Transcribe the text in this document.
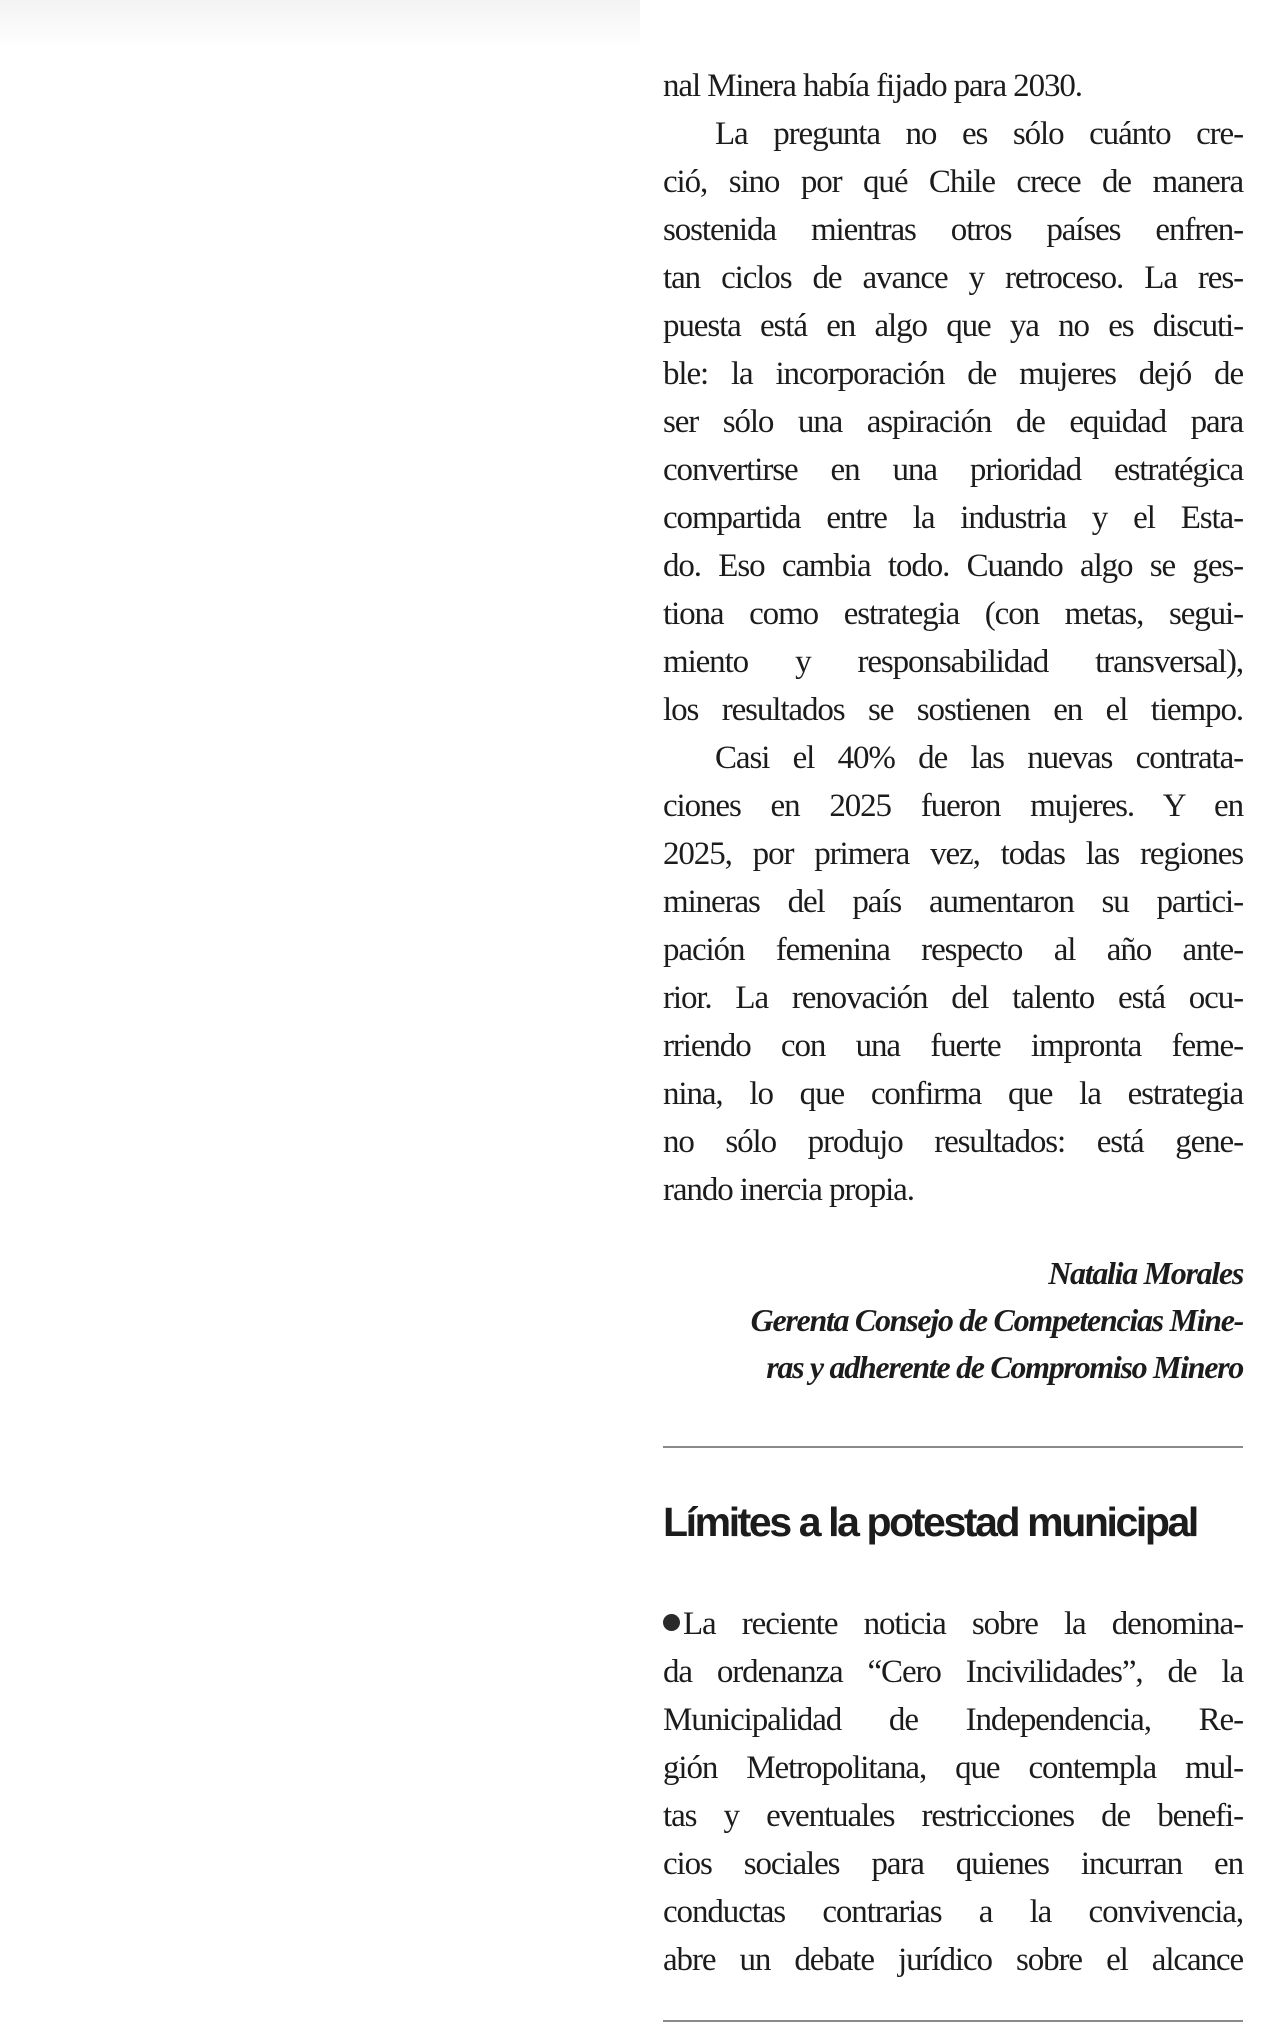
nal Minera había fijado para 2030.
La pregunta no es sólo cuánto cre-
ció, sino por qué Chile crece de manera
sostenida mientras otros países enfren-
tan ciclos de avance y retroceso. La res-
puesta está en algo que ya no es discuti-
ble: la incorporación de mujeres dejó de
ser sólo una aspiración de equidad para
convertirse en una prioridad estratégica
compartida entre la industria y el Esta-
do. Eso cambia todo. Cuando algo se ges-
tiona como estrategia (con metas, segui-
miento y responsabilidad transversal),
los resultados se sostienen en el tiempo.
Casi el 40% de las nuevas contrata-
ciones en 2025 fueron mujeres. Y en
2025, por primera vez, todas las regiones
mineras del país aumentaron su partici-
pación femenina respecto al año ante-
rior. La renovación del talento está ocu-
rriendo con una fuerte impronta feme-
nina, lo que confirma que la estrategia
no sólo produjo resultados: está gene-
rando inercia propia.

Natalia Morales
Gerenta Consejo de Competencias Mine-
ras y adherente de Compromiso Minero
Límites a la potestad municipal

La reciente noticia sobre la denomina-
da ordenanza “Cero Incivilidades”, de la
Municipalidad de Independencia, Re-
gión Metropolitana, que contempla mul-
tas y eventuales restricciones de benefi-
cios sociales para quienes incurran en
conductas contrarias a la convivencia,
abre un debate jurídico sobre el alcance
